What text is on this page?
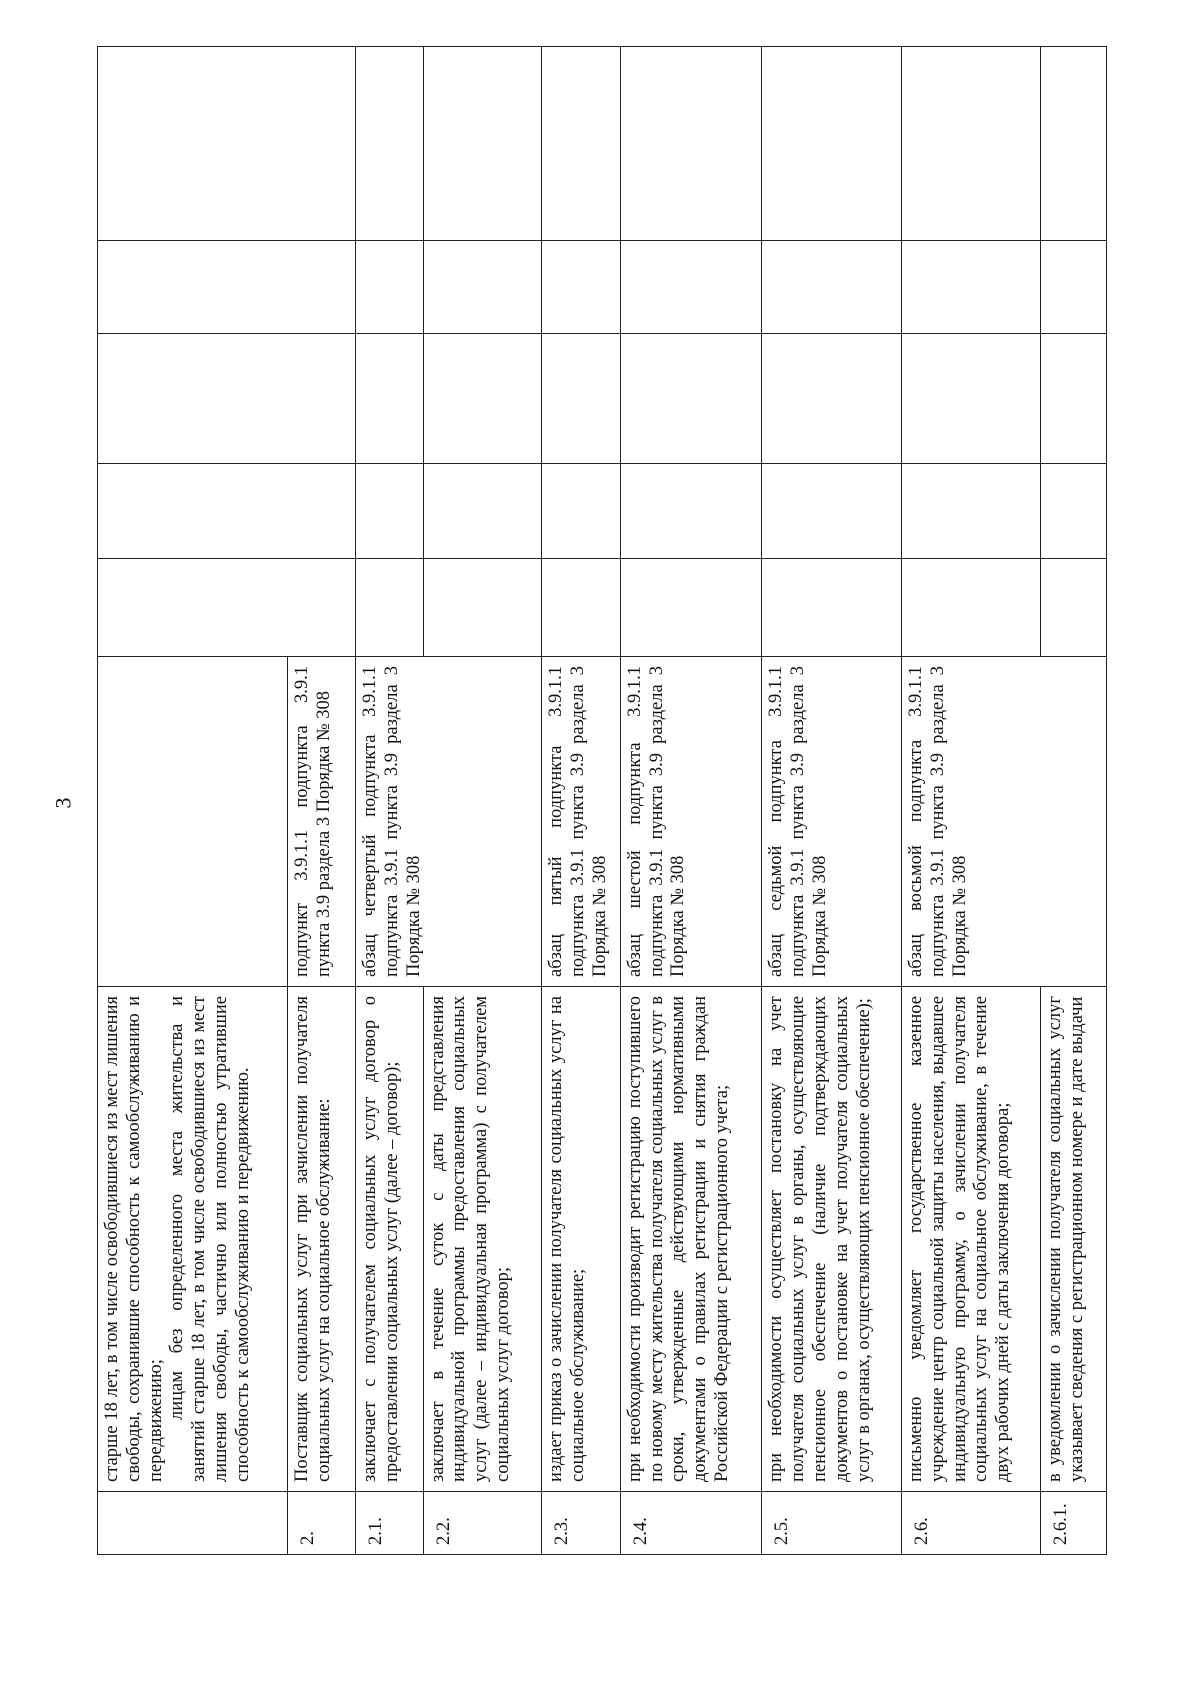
3

	старше 18 лет, в том числе освободившиеся из мест лишения свободы, сохранившие способность к самообслуживанию и передвижению;

лицам без определенного места жительства и занятий старше 18 лет, в том числе освободившиеся из мест лишения свободы, частично или полностью утратившие способность к самообслуживанию и передвижению.						

2.	Поставщик социальных услуг при зачислении получателя социальных услуг на социальное обслуживание:	подпункт 3.9.1.1 подпункта 3.9.1 пункта 3.9 раздела 3 Порядка № 308					

2.1.	заключает с получателем социальных услуг договор о предоставлении социальных услуг (далее – договор);	абзац четвертый подпункта 3.9.1.1 подпункта 3.9.1 пункта 3.9 раздела 3 Порядка № 308					

2.2.	заключает в течение суток с даты представления индивидуальной программы предоставления социальных услуг (далее – индивидуальная программа) с получателем социальных услуг договор;						

2.3.	издает приказ о зачислении получателя социальных услуг на социальное обслуживание;	абзац пятый подпункта 3.9.1.1 подпункта 3.9.1 пункта 3.9 раздела 3 Порядка № 308					

2.4.	при необходимости производит регистрацию поступившего по новому месту жительства получателя социальных услуг в сроки, утвержденные действующими нормативными документами о правилах регистрации и снятия граждан Российской Федерации с регистрационного учета;	абзац шестой подпункта 3.9.1.1 подпункта 3.9.1 пункта 3.9 раздела 3 Порядка № 308					

2.5.	при необходимости осуществляет постановку на учет получателя социальных услуг в органы, осуществляющие пенсионное обеспечение (наличие подтверждающих документов о постановке на учет получателя социальных услуг в органах, осуществляющих пенсионное обеспечение);	абзац седьмой подпункта 3.9.1.1 подпункта 3.9.1 пункта 3.9 раздела 3 Порядка № 308					

2.6.	письменно уведомляет государственное казенное учреждение центр социальной защиты населения, выдавшее индивидуальную программу, о зачислении получателя социальных услуг на социальное обслуживание, в течение двух рабочих дней с даты заключения договора;	абзац восьмой подпункта 3.9.1.1 подпункта 3.9.1 пункта 3.9 раздела 3 Порядка № 308					

2.6.1.	в уведомлении о зачислении получателя социальных услуг указывает сведения с регистрационном номере и дате выдачи						
